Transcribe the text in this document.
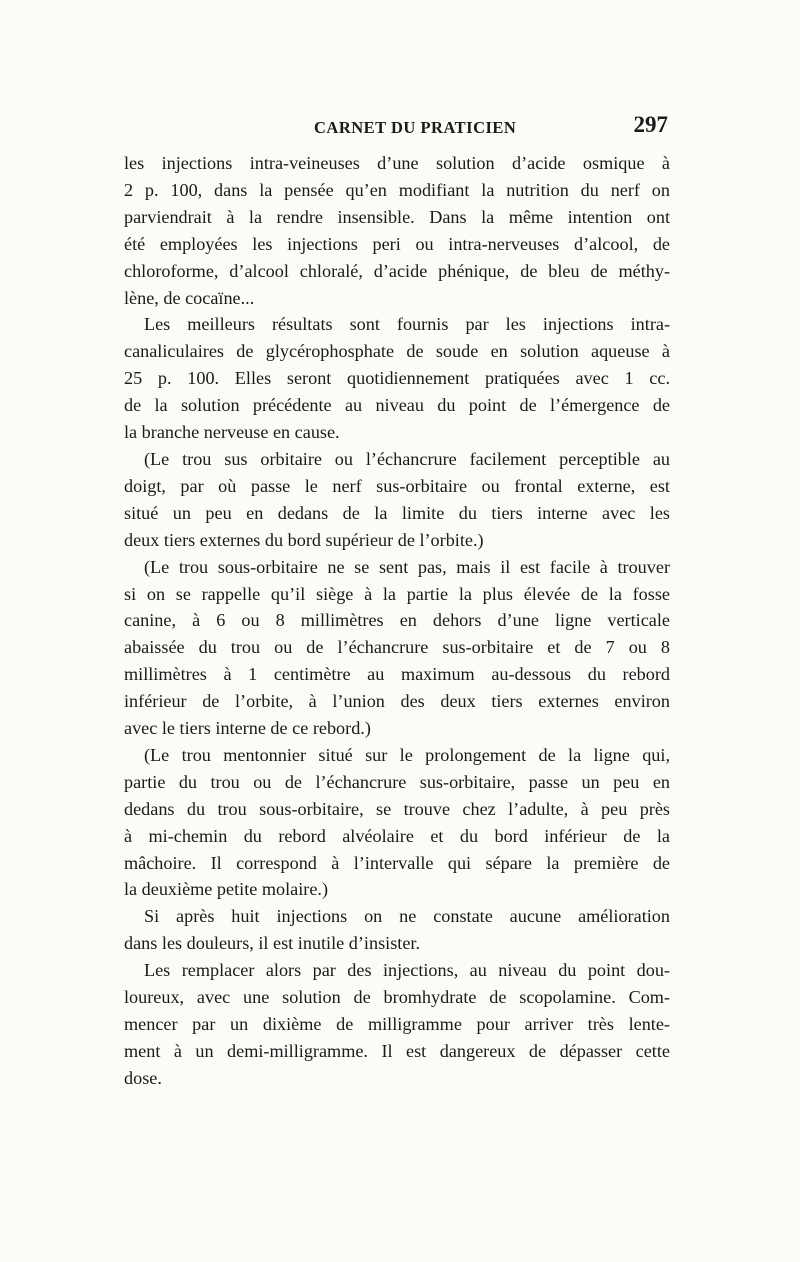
CARNET DU PRATICIEN	297
les injections intra-veineuses d’une solution d’acide osmique à
2 p. 100, dans la pensée qu’en modifiant la nutrition du nerf on
parviendrait à la rendre insensible. Dans la même intention ont
été employées les injections peri ou intra-nerveuses d’alcool, de
chloroforme, d’alcool chloralé, d’acide phénique, de bleu de méthy-
lène, de cocaïne...
Les meilleurs résultats sont fournis par les injections intra-
canaliculaires de glycérophosphate de soude en solution aqueuse à
25 p. 100. Elles seront quotidiennement pratiquées avec 1 cc.
de la solution précédente au niveau du point de l’émergence de
la branche nerveuse en cause.
(Le trou sus orbitaire ou l’échancrure facilement perceptible au
doigt, par où passe le nerf sus-orbitaire ou frontal externe, est
situé un peu en dedans de la limite du tiers interne avec les
deux tiers externes du bord supérieur de l’orbite.)
(Le trou sous-orbitaire ne se sent pas, mais il est facile à trouver
si on se rappelle qu’il siège à la partie la plus élevée de la fosse
canine, à 6 ou 8 millimètres en dehors d’une ligne verticale
abaissée du trou ou de l’échancrure sus-orbitaire et de 7 ou 8
millimètres à 1 centimètre au maximum au-dessous du rebord
inférieur de l’orbite, à l’union des deux tiers externes environ
avec le tiers interne de ce rebord.)
(Le trou mentonnier situé sur le prolongement de la ligne qui,
partie du trou ou de l’échancrure sus-orbitaire, passe un peu en
dedans du trou sous-orbitaire, se trouve chez l’adulte, à peu près
à mi-chemin du rebord alvéolaire et du bord inférieur de la
mâchoire. Il correspond à l’intervalle qui sépare la première de
la deuxième petite molaire.)
Si après huit injections on ne constate aucune amélioration
dans les douleurs, il est inutile d’insister.
Les remplacer alors par des injections, au niveau du point dou-
loureux, avec une solution de bromhydrate de scopolamine. Com-
mencer par un dixième de milligramme pour arriver très lente-
ment à un demi-milligramme. Il est dangereux de dépasser cette
dose.
